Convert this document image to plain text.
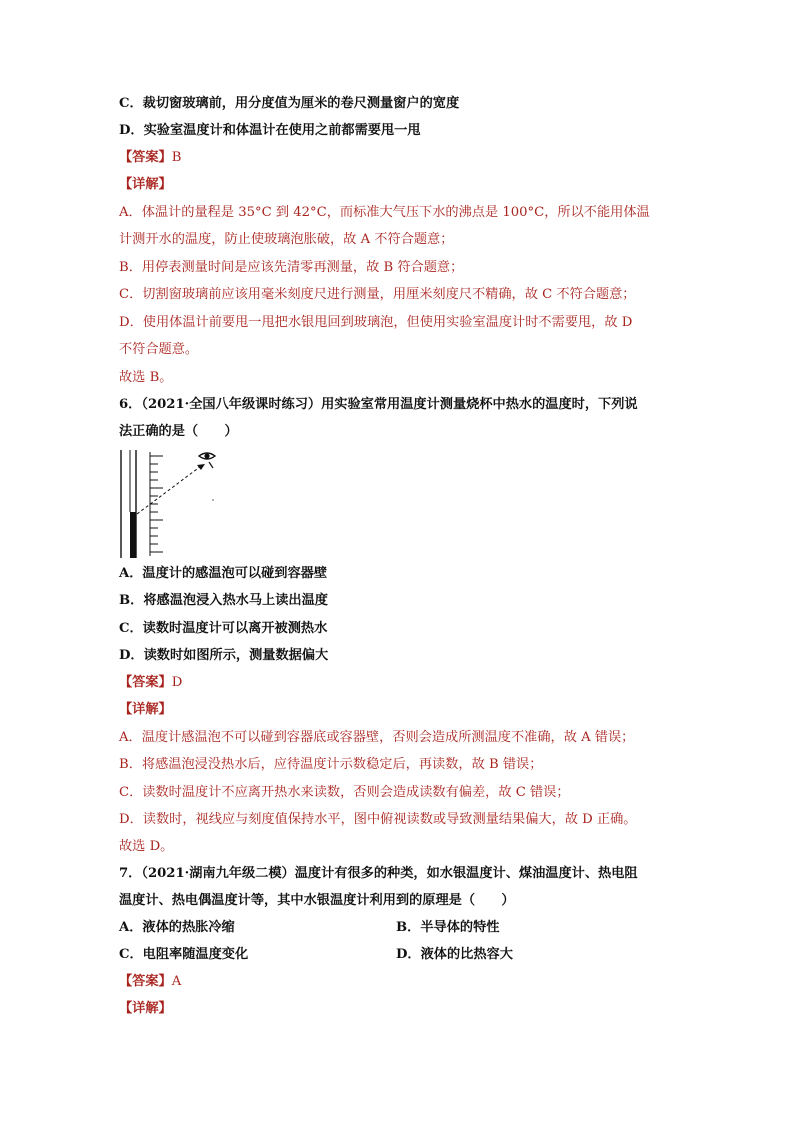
C．裁切窗玻璃前，用分度值为厘米的卷尺测量窗户的宽度
D．实验室温度计和体温计在使用之前都需要甩一甩
【答案】B
【详解】
A．体温计的量程是 35°C 到 42°C，而标准大气压下水的沸点是 100°C，所以不能用体温
计测开水的温度，防止使玻璃泡胀破，故 A 不符合题意；
B．用停表测量时间是应该先清零再测量，故 B 符合题意；
C．切割窗玻璃前应该用毫米刻度尺进行测量，用厘米刻度尺不精确，故 C 不符合题意；
D．使用体温计前要甩一甩把水银甩回到玻璃泡，但使用实验室温度计时不需要甩，故 D
不符合题意。
故选 B。
6．（2021·全国八年级课时练习）用实验室常用温度计测量烧杯中热水的温度时，下列说
法正确的是（　　）
A．温度计的感温泡可以碰到容器壁
B．将感温泡浸入热水马上读出温度
C．读数时温度计可以离开被测热水
D．读数时如图所示，测量数据偏大
【答案】D
【详解】
A．温度计感温泡不可以碰到容器底或容器壁，否则会造成所测温度不准确，故 A 错误；
B．将感温泡浸没热水后，应待温度计示数稳定后，再读数，故 B 错误；
C．读数时温度计不应离开热水来读数，否则会造成读数有偏差，故 C 错误；
D．读数时，视线应与刻度值保持水平，图中俯视读数或导致测量结果偏大，故 D 正确。
故选 D。
7．（2021·湖南九年级二模）温度计有很多的种类，如水银温度计、煤油温度计、热电阻
温度计、热电偶温度计等，其中水银温度计利用到的原理是（　　）
A．液体的热胀冷缩	B．半导体的特性
C．电阻率随温度变化	D．液体的比热容大
【答案】A
【详解】
